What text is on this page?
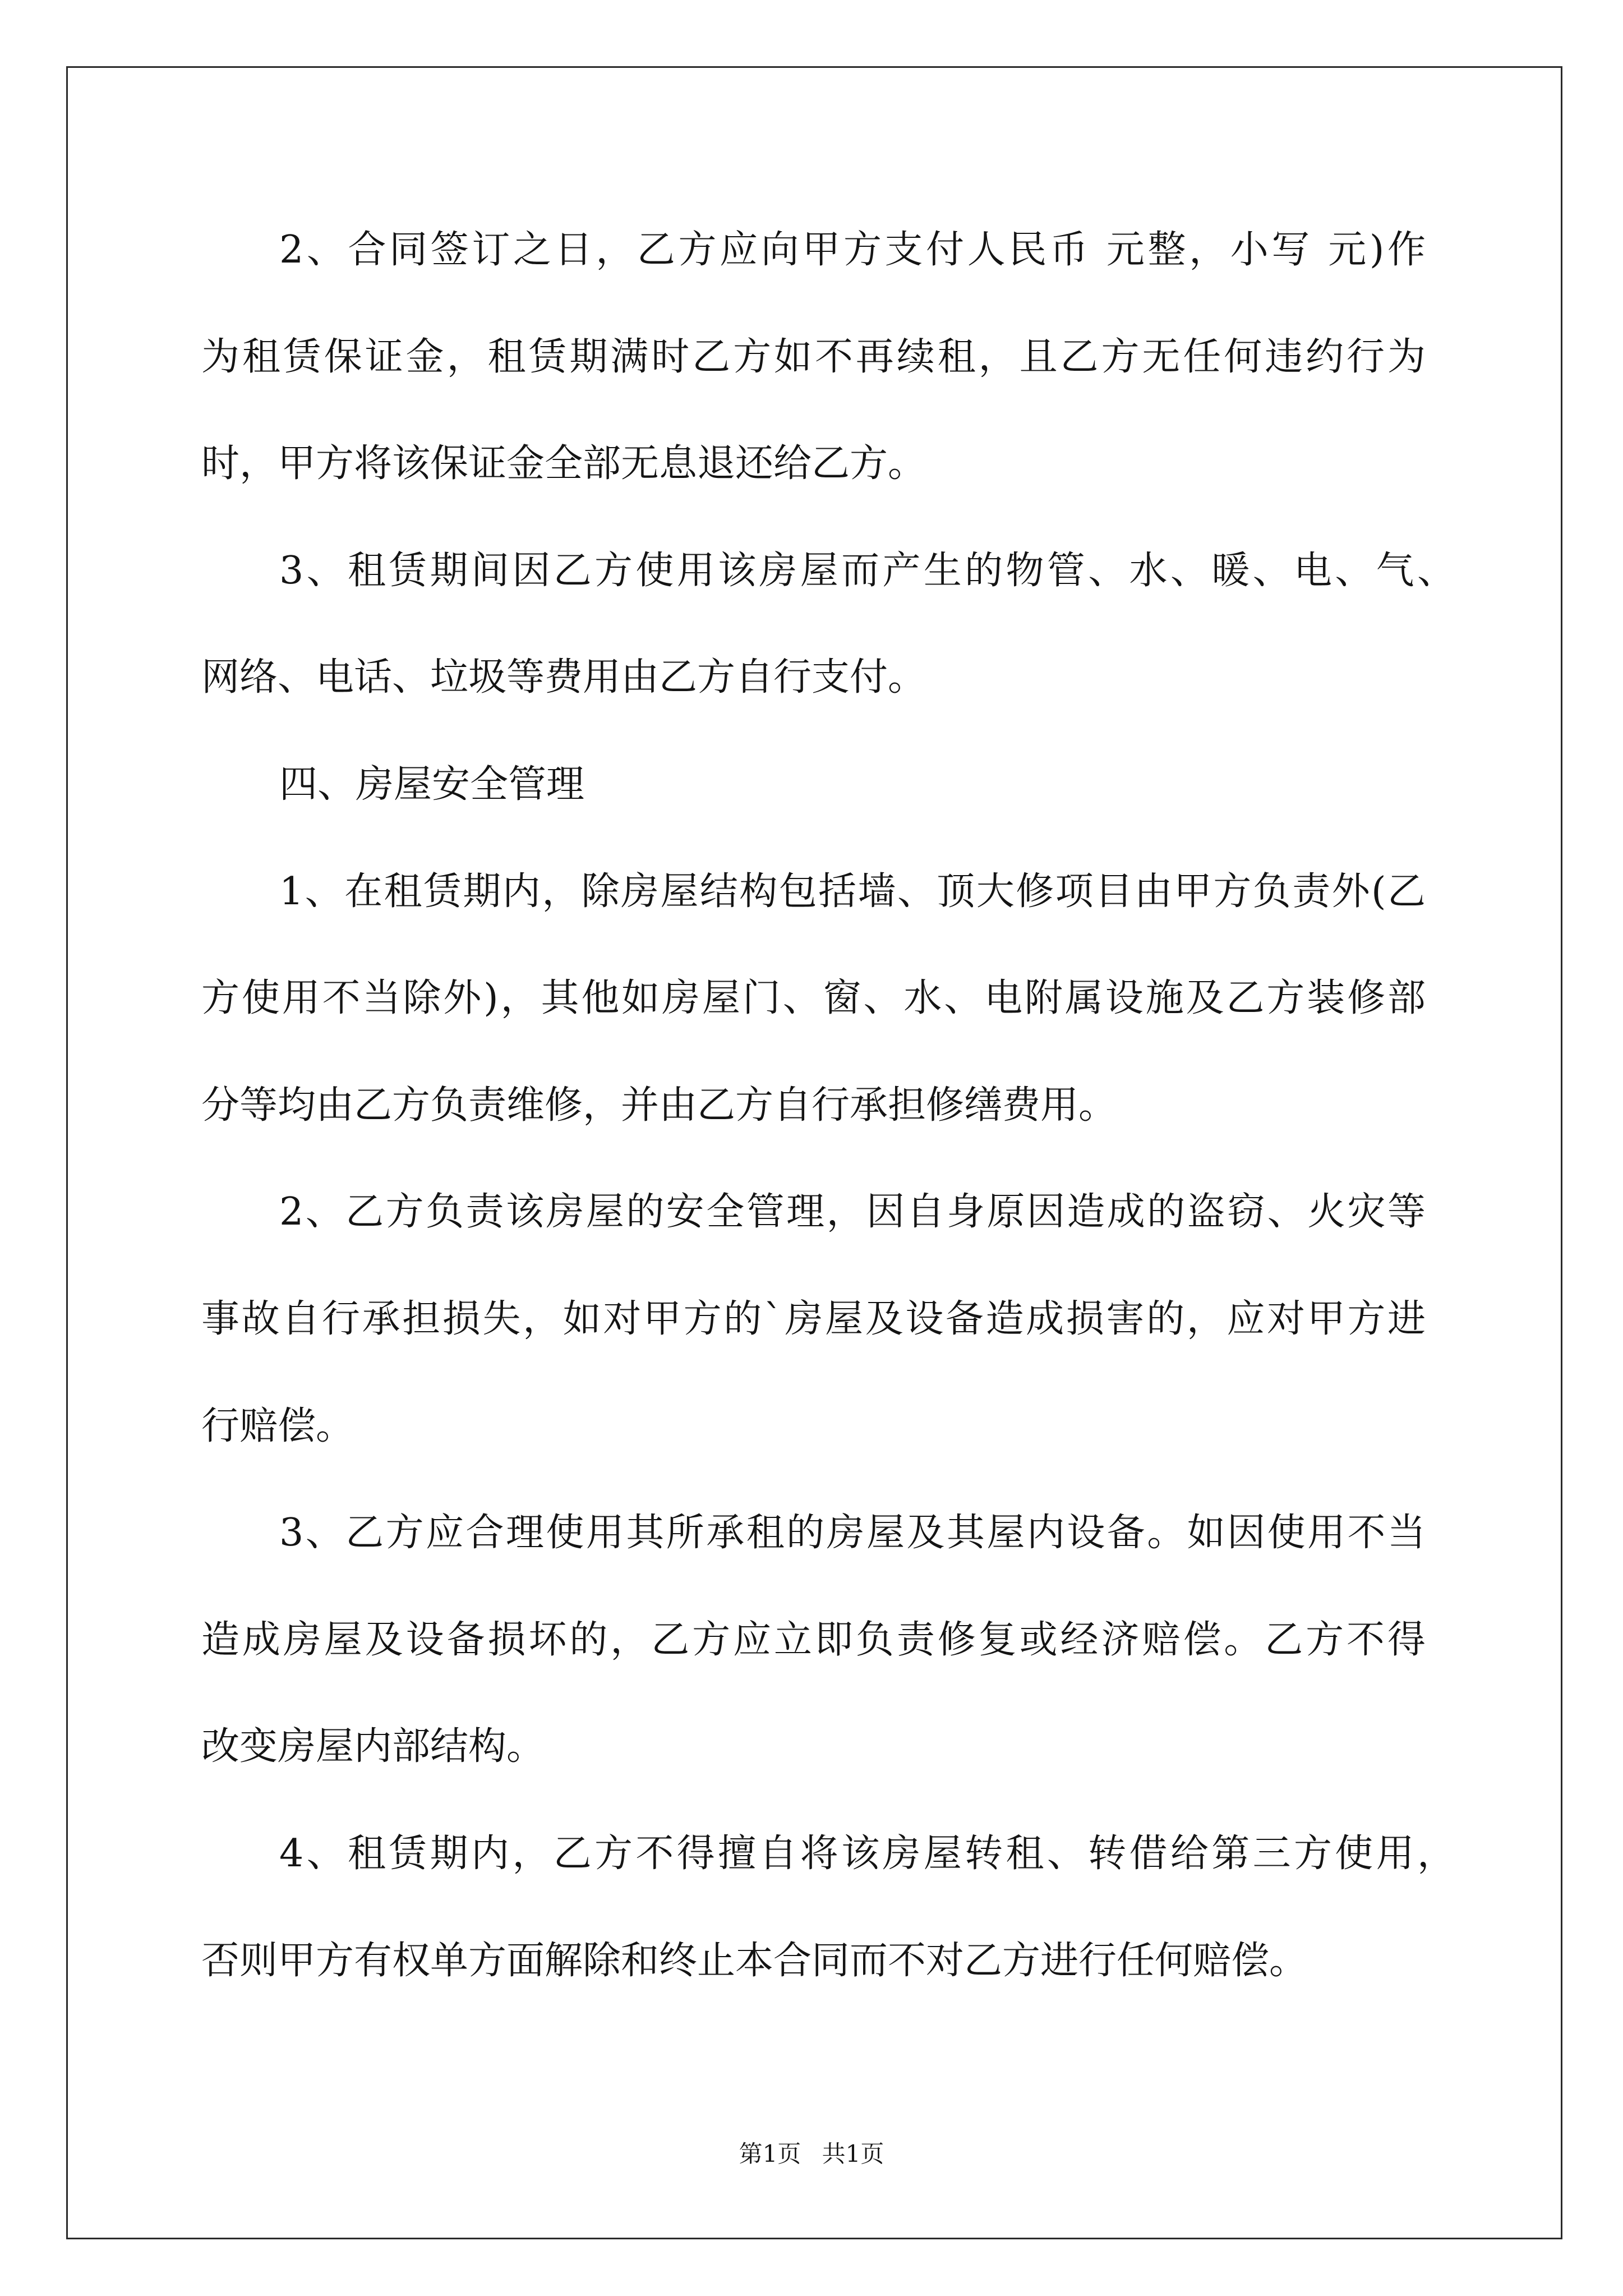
2、合同签订之日，乙方应向甲方支付人民币 元整，小写 元)作
为租赁保证金，租赁期满时乙方如不再续租，且乙方无任何违约行为
时，甲方将该保证金全部无息退还给乙方。
3、租赁期间因乙方使用该房屋而产生的物管、水、暖、电、气、
网络、电话、垃圾等费用由乙方自行支付。
四、房屋安全管理
1、在租赁期内，除房屋结构包括墙、顶大修项目由甲方负责外(乙
方使用不当除外)，其他如房屋门、窗、水、电附属设施及乙方装修部
分等均由乙方负责维修，并由乙方自行承担修缮费用。
2、乙方负责该房屋的安全管理，因自身原因造成的盗窃、火灾等
事故自行承担损失，如对甲方的`房屋及设备造成损害的，应对甲方进
行赔偿。
3、乙方应合理使用其所承租的房屋及其屋内设备。如因使用不当
造成房屋及设备损坏的，乙方应立即负责修复或经济赔偿。乙方不得
改变房屋内部结构。
4、租赁期内，乙方不得擅自将该房屋转租、转借给第三方使用，
否则甲方有权单方面解除和终止本合同而不对乙方进行任何赔偿。
第1页 共1页
